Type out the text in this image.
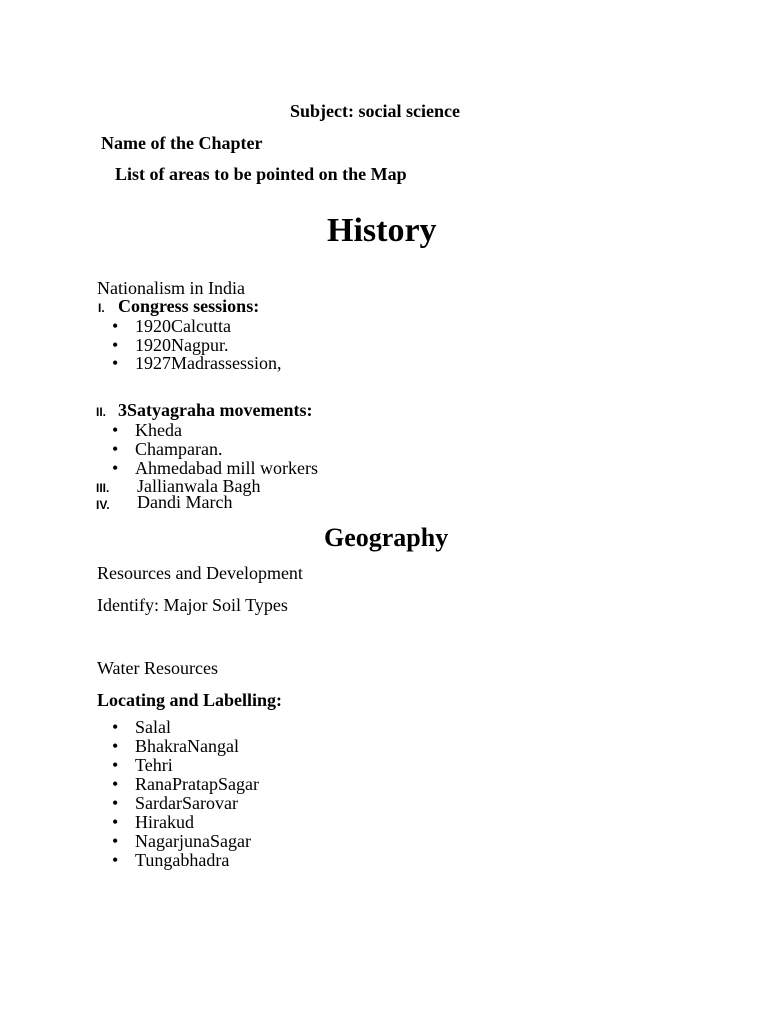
Subject: social science

Name of the Chapter

List of areas to be pointed on the Map

History

Nationalism in India

I. Congress sessions:

• 1920Calcutta
• 1920Nagpur.
• 1927Madrassession,
II. 3Satyagraha movements:

• Kheda
• Champaran.
• Ahmedabad mill workers
III. Jallianwala Bagh

IV. Dandi March

Geography

Resources and Development

Identify: Major Soil Types

Water Resources

Locating and Labelling:

• Salal
• BhakraNangal
• Tehri
• RanaPratapSagar
• SardarSarovar
• Hirakud
• NagarjunaSagar
• Tungabhadra
